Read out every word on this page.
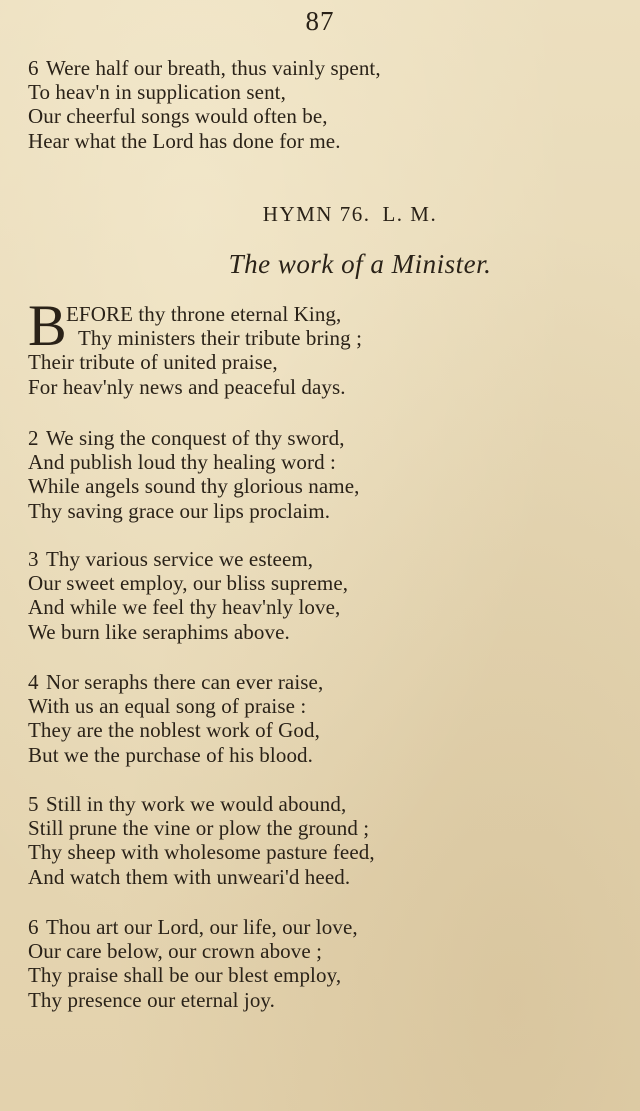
87
6 Were half our breath, thus vainly spent,
To heav'n in supplication sent,
Our cheerful songs would often be,
Hear what the Lord has done for me.
HYMN 76. L. M.
The work of a Minister.
B EFORE thy throne eternal King,
Thy ministers their tribute bring ;
Their tribute of united praise,
For heav'nly news and peaceful days.
2 We sing the conquest of thy sword,
And publish loud thy healing word :
While angels sound thy glorious name,
Thy saving grace our lips proclaim.
3 Thy various service we esteem,
Our sweet employ, our bliss supreme,
And while we feel thy heav'nly love,
We burn like seraphims above.
4 Nor seraphs there can ever raise,
With us an equal song of praise :
They are the noblest work of God,
But we the purchase of his blood.
5 Still in thy work we would abound,
Still prune the vine or plow the ground ;
Thy sheep with wholesome pasture feed,
And watch them with unweari'd heed.
6 Thou art our Lord, our life, our love,
Our care below, our crown above ;
Thy praise shall be our blest employ,
Thy presence our eternal joy.
